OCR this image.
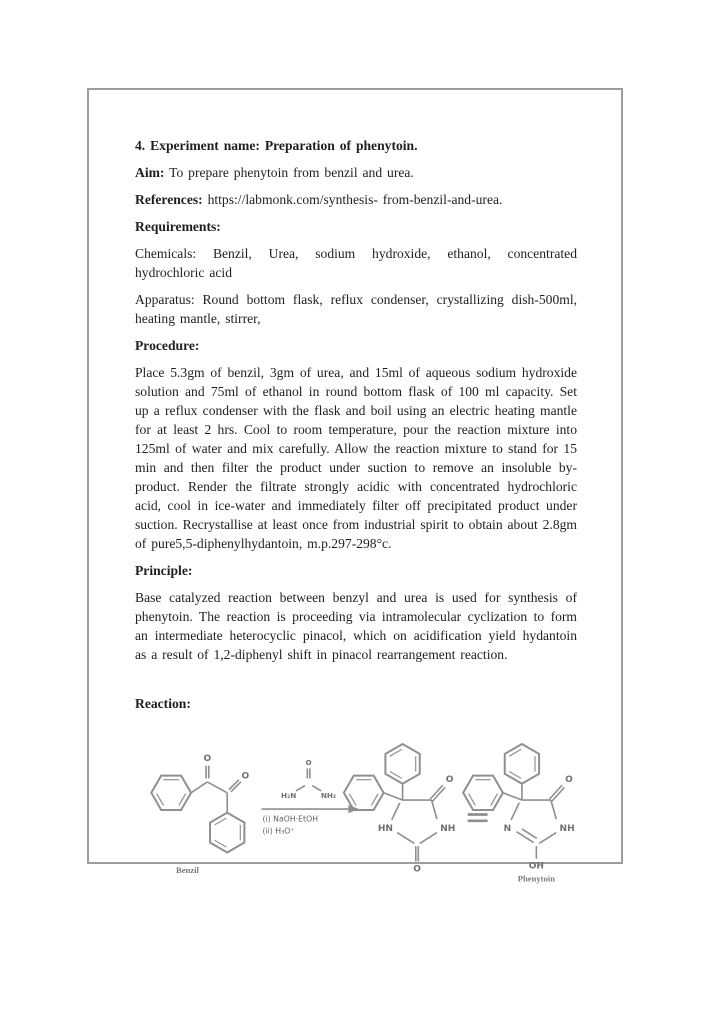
4. Experiment name: Preparation of phenytoin.

Aim: To prepare phenytoin from benzil and urea.

References: https://labmonk.com/synthesis- from-benzil-and-urea.

Requirements:

Chemicals: Benzil, Urea, sodium hydroxide, ethanol, concentrated hydrochloric acid

Apparatus: Round bottom flask, reflux condenser, crystallizing dish-500ml, heating mantle, stirrer,

Procedure:

Place 5.3gm of benzil, 3gm of urea, and 15ml of aqueous sodium hydroxide solution and 75ml of ethanol in round bottom flask of 100 ml capacity. Set up a reflux condenser with the flask and boil using an electric heating mantle for at least 2 hrs. Cool to room temperature, pour the reaction mixture into 125ml of water and mix carefully. Allow the reaction mixture to stand for 15 min and then filter the product under suction to remove an insoluble by-product. Render the filtrate strongly acidic with concentrated hydrochloric acid, cool in ice-water and immediately filter off precipitated product under suction. Recrystallise at least once from industrial spirit to obtain about 2.8gm of pure5,5-diphenylhydantoin, m.p.297-298°c.

Principle:

Base catalyzed reaction between benzyl and urea is used for synthesis of phenytoin. The reaction is proceeding via intramolecular cyclization to form an intermediate heterocyclic pinacol, which on acidification yield hydantoin as a result of 1,2-diphenyl shift in pinacol rearrangement reaction.

Reaction:

O
O
Benzil
O
H₂N	NH₂
(i) NaOH·EtOH
(ii) H₃O⁺
O
O
HN	NH
O
OH
N	NH
Phenytoin
